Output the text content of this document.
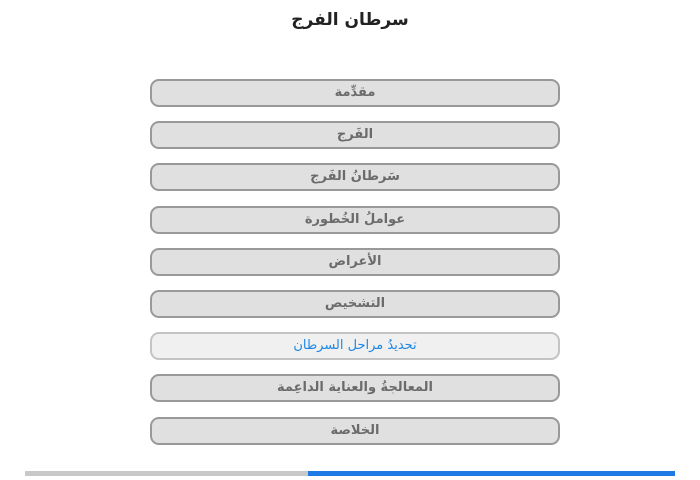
سرطان الفرج
مقدِّمة
الفَرج
سَرطانُ الفَرج
عواملُ الخُطورة
الأعراض
التشخيص
تحديدُ مراحل السرطان
المعالجةُ والعناية الداعِمة
الخلاصة
